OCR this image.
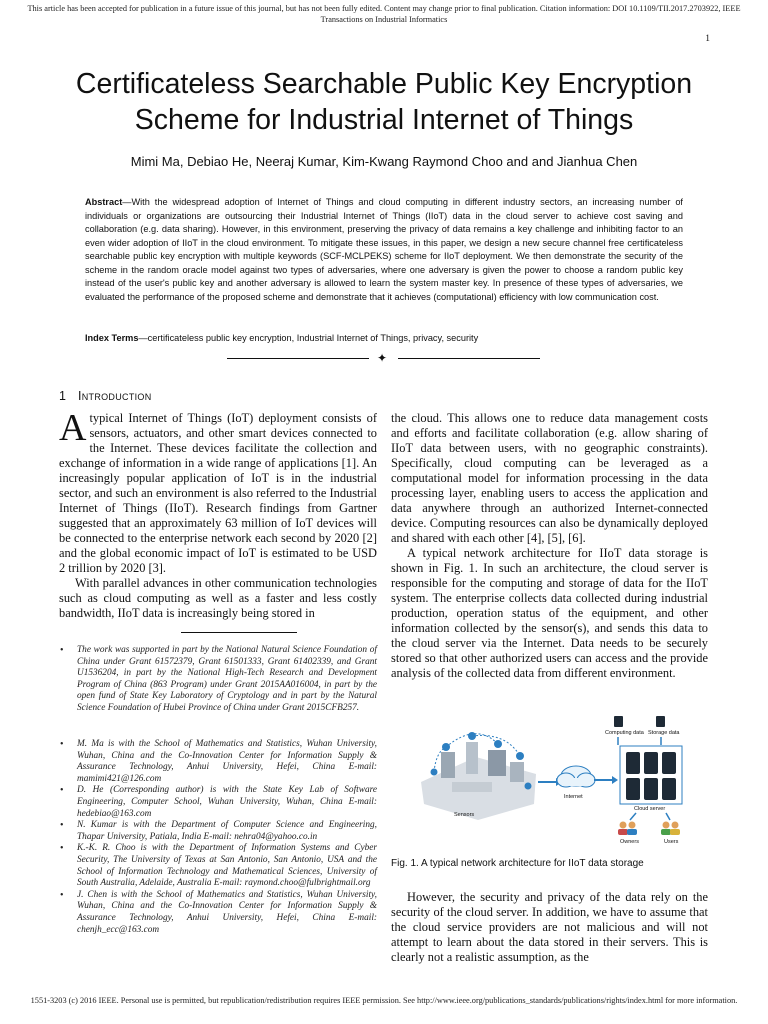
This article has been accepted for publication in a future issue of this journal, but has not been fully edited. Content may change prior to final publication. Citation information: DOI 10.1109/TII.2017.2703922, IEEE Transactions on Industrial Informatics
1
Certificateless Searchable Public Key Encryption Scheme for Industrial Internet of Things
Mimi Ma, Debiao He, Neeraj Kumar, Kim-Kwang Raymond Choo and and Jianhua Chen
Abstract—With the widespread adoption of Internet of Things and cloud computing in different industry sectors, an increasing number of individuals or organizations are outsourcing their Industrial Internet of Things (IIoT) data in the cloud server to achieve cost saving and collaboration (e.g. data sharing). However, in this environment, preserving the privacy of data remains a key challenge and inhibiting factor to an even wider adoption of IIoT in the cloud environment. To mitigate these issues, in this paper, we design a new secure channel free certificateless searchable public key encryption with multiple keywords (SCF-MCLPEKS) scheme for IIoT deployment. We then demonstrate the security of the scheme in the random oracle model against two types of adversaries, where one adversary is given the power to choose a random public key instead of the user's public key and another adversary is allowed to learn the system master key. In presence of these types of adversaries, we evaluated the performance of the proposed scheme and demonstrate that it achieves (computational) efficiency with low communication cost.
Index Terms—certificateless public key encryption, Industrial Internet of Things, privacy, security
✦
1 Introduction

Atypical Internet of Things (IoT) deployment consists of sensors, actuators, and other smart devices connected to the Internet. These devices facilitate the collection and exchange of information in a wide range of applications [1]. An increasingly popular application of IoT is in the industrial sector, and such an environment is also referred to the Industrial Internet of Things (IIoT). Research findings from Gartner suggested that an approximately 63 million of IoT devices will be connected to the enterprise network each second by 2020 [2] and the global economic impact of IoT is estimated to be USD 2 trillion by 2020 [3].

With parallel advances in other communication technologies such as cloud computing as well as a faster and less costly bandwidth, IIoT data is increasingly being stored in

• The work was supported in part by the National Natural Science Foundation of China under Grant 61572379, Grant 61501333, Grant 61402339, and Grant U1536204, in part by the National High-Tech Research and Development Program of China (863 Program) under Grant 2015AA016004, in part by the open fund of State Key Laboratory of Cryptology and in part by the Natural Science Foundation of Hubei Province of China under Grant 2015CFB257.
• M. Ma is with the School of Mathematics and Statistics, Wuhan University, Wuhan, China and the Co-Innovation Center for Information Supply & Assurance Technology, Anhui University, Hefei, China E-mail: mamimi421@126.com
• D. He (Corresponding author) is with the State Key Lab of Software Engineering, Computer School, Wuhan University, Wuhan, China E-mail: hedebiao@163.com
• N. Kumar is with the Department of Computer Science and Engineering, Thapar University, Patiala, India E-mail: nehra04@yahoo.co.in
• K.-K. R. Choo is with the Department of Information Systems and Cyber Security, The University of Texas at San Antonio, San Antonio, USA and the School of Information Technology and Mathematical Sciences, University of South Australia, Adelaide, Australia E-mail: raymond.choo@fulbrightmail.org
• J. Chen is with the School of Mathematics and Statistics, Wuhan University, Wuhan, China and the Co-Innovation Center for Information Supply & Assurance Technology, Anhui University, Hefei, China E-mail: chenjh_ecc@163.com

the cloud. This allows one to reduce data management costs and efforts and facilitate collaboration (e.g. allow sharing of IIoT data between users, with no geographic constraints). Specifically, cloud computing can be leveraged as a computational model for information processing in the data processing layer, enabling users to access the application and data anywhere through an authorized Internet-connected device. Computing resources can also be dynamically deployed and shared with each other [4], [5], [6].

A typical network architecture for IIoT data storage is shown in Fig. 1. In such an architecture, the cloud server is responsible for the computing and storage of data for the IIoT system. The enterprise collects data collected during industrial production, operation status of the equipment, and other information collected by the sensor(s), and sends this data to the cloud server via the Internet. Data needs to be securely stored so that other authorized users can access and the provide analysis of the collected data from different environment.

Sensors
Internet
Computing data Storage data
Cloud server
Owners	Users
Fig. 1. A typical network architecture for IIoT data storage

However, the security and privacy of the data rely on the security of the cloud server. In addition, we have to assume that the cloud service providers are not malicious and will not attempt to learn about the data stored in their servers. This is clearly not a realistic assumption, as the

1551-3203 (c) 2016 IEEE. Personal use is permitted, but republication/redistribution requires IEEE permission. See http://www.ieee.org/publications_standards/publications/rights/index.html for more information.
